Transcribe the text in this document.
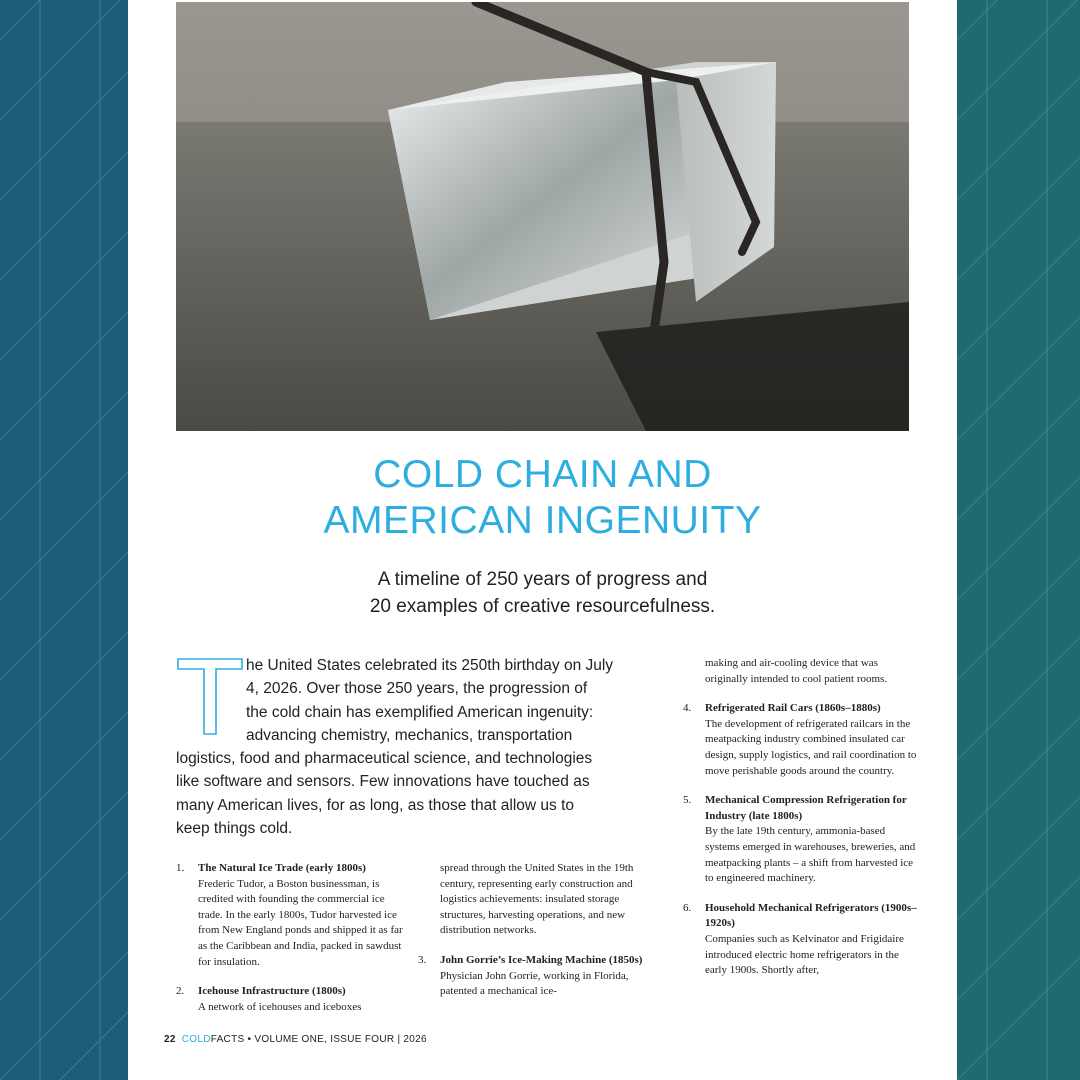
COLD CHAIN AND
AMERICAN INGENUITY
A timeline of 250 years of progress and
20 examples of creative resourcefulness.
T
he United States celebrated its 250th birthday on July
4, 2026. Over those 250 years, the progression of
the cold chain has exemplified American ingenuity:
advancing chemistry, mechanics, transportation
logistics, food and pharmaceutical science, and technologies
like software and sensors. Few innovations have touched as
many American lives, for as long, as those that allow us to
keep things cold.
1. The Natural Ice Trade (early 1800s)
Frederic Tudor, a Boston businessman, is credited with founding the commercial ice trade. In the early 1800s, Tudor harvested ice from New England ponds and shipped it as far as the Caribbean and India, packed in sawdust for insulation.
2. Icehouse Infrastructure (1800s)
A network of icehouses and iceboxes
spread through the United States in the 19th century, representing early construction and logistics achievements: insulated storage structures, harvesting operations, and new distribution networks.
3. John Gorrie’s Ice-Making Machine (1850s)
Physician John Gorrie, working in Florida, patented a mechanical ice-
making and air-cooling device that was originally intended to cool patient rooms.
4. Refrigerated Rail Cars (1860s–1880s)
The development of refrigerated railcars in the meatpacking industry combined insulated car design, supply logistics, and rail coordination to move perishable goods around the country.
5. Mechanical Compression Refrigeration for Industry (late 1800s)
By the late 19th century, ammonia-based systems emerged in warehouses, breweries, and meatpacking plants – a shift from harvested ice to engineered machinery.
6. Household Mechanical Refrigerators (1900s–1920s)
Companies such as Kelvinator and Frigidaire introduced electric home refrigerators in the early 1900s. Shortly after,
22 COLDFACTS • VOLUME ONE, ISSUE FOUR | 2026
